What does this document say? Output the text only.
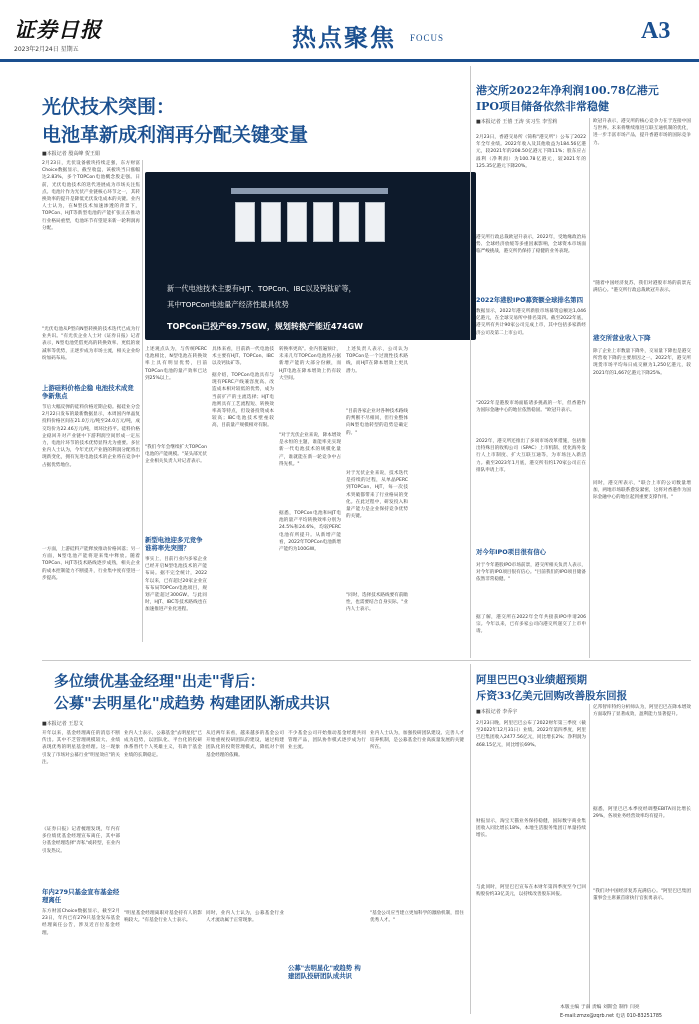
证券日报
2023年2月24日 星期五	热点聚焦 FOCUS	A3
光伏技术突围：
电池革新成利润再分配关键变量
■本报记者 殷高峰 贺王娟
2月23日，光伏设备板块持续走强，东方财富Choice数据显示，截至收盘，该板块当日涨幅达2.83%，多个TOPCon电池概念股走强。日前，光伏电池技术的迭代进展成为市场关注焦点。电池片作为光伏产业链核心环节之一，其转换效率的提升是降低光伏发电成本的关键。业内人士认为，在N型技术加速渗透的背景下，TOPCon、HJT等新型电池的产能扩张正在推动行业格局重塑，电池环节有望迎来新一轮利润再分配。
"光伏电池从P型向N型转换的技术迭代已成为行业共识。"有光伏企业人士对《证券日报》记者表示，N型电池凭借更高的转换效率、更低的衰减率等优势，正逐步成为市场主流，相关企业纷纷加码布局。
上游硅料价格企稳 电池技术成竞争新焦点
节后大幅反弹的硅料价格近期企稳。据硅业分会2月22日发布的最新数据显示，本周国内单晶复投料价格区间在21.0万元/吨至24.0万元/吨，成交均价为22.46万元/吨，周环比持平。硅料价格企稳回升对产业链中下游利润空间形成一定压力，电池片环节的技术优势显得尤为重要。多位业内人士认为，今年光伏产业链的利润分配将出现新变化，拥有先进电池技术的企业将在竞争中占据优势地位。
一方面，上游硅料产能释放推动价格回落；另一方面，N型电池产能将迎来集中释放。随着TOPCon、HJT等技术路线逐步成熟，相关企业的成本控制能力不断提升，行业集中度有望进一步提高。
新一代电池技术主要有HJT、TOPCon、IBC以及钙钛矿等，
其中TOPCon电池量产经济性最具优势
TOPCon已投产69.75GW，规划转换产能近474GW
上述观点认为，与传统PERC电池相比，N型电池在转换效率上具有明显优势，目前TOPCon电池的量产效率已达到25%以上。
"我们今年会继续扩大TOPCon电池的产能规模。"某头部光伏企业相关负责人对记者表示。
新型电池迎多元竞争 谁将率先突围？
事实上，目前行业内多家企业已经开启N型电池技术的产能布局。据不完全统计，2022年以来，已有超过20家企业宣布布局TOPCon电池项目，规划产能超过300GW。与此同时，HJT、IBC等技术路线也在加速推进产业化进程。
具体来看，目前新一代电池技术主要有HJT、TOPCon、IBC以及钙钛矿等。
据介绍，TOPCon电池具有与现有PERC产线兼容度高、改造成本相对较低的优势，成为当前扩产的主流选择；HJT电池则具有工艺流程短、转换效率高等特点，但设备投资成本较高；IBC电池技术壁垒较高，目前量产规模相对有限。
转换率更高"。业内普遍预计，未来几年TOPCon电池将占据新增产能的大部分份额，而HJT电池在降本增效上仍有较大空间。
"对于光伏企业来说，降本增效是永恒的主题，谁能率先实现新一代电池技术的规模化量产，谁就能在新一轮竞争中占得先机。"
据悉，TOPCon电池和HJT电池的量产平均转换效率分别为24.5%和24.6%，均较PERC电池有所提升。从新增产能看，2022年TOPCon电池新增产能约为100GW。
上述负责人表示，公司认为TOPCon是一个过渡性技术路线，而HJT在降本增效上更具潜力。
"目前各家企业对各种技术路线的判断不尽相同，但行业整体向N型电池转型的趋势是确定的。"
对于光伏企业来说，技术迭代是持续的过程，从单晶PERC到TOPCon、HJT，每一次技术突破都带来了行业格局的变化。在此过程中，研发投入和量产能力是企业保持竞争优势的关键。
"同时，选择技术路线要有前瞻性，也需要结合自身实际。"业内人士表示。
港交所2022年净利润100.78亿港元
IPO项目储备依然非常稳健
■本报记者 王僖 王涛 实习生 李雪莉
2月23日，香港交易所（简称"港交所"）公布了2022年全年业绩。2022年收入及其他收益为184.56亿港元，较2021年的208.50亿港元下降11%；股东应占溢利（净利润）为100.78亿港元，较2021年的125.35亿港元下降20%。
港交所行政总裁欧冠升表示，2022年，受地缘政治局势、全球经济放缓等多重因素影响，全球资本市场面临严峻挑战，港交所仍保持了稳健的业务表现。
2022年港股IPO募资额全球排名第四
数据显示，2022年港交所新股市场募资总额达1,046亿港元，在全球交易所中排名第四。截至2022年底，港交所有共计90家公司完成上市，其中包括多家新经济公司及第二上市公司。
"2022年是港股市场面临诸多挑战的一年，但香港作为国际金融中心的地位依然稳固。"欧冠升表示。
2022年，港交所还推出了多项市场改革措施，包括推出特殊目的收购公司（SPAC）上市机制、优化海外发行人上市制度、扩大互联互通等，为市场注入新活力。截至2023年1月底，港交所有约170家公司正在排队申请上市。
对今年IPO项目很有信心
对于今年港股IPO市场前景，港交所相关负责人表示，对今年的IPO项目很有信心。"目前我们的IPO项目储备依然非常稳健。"
据了解，港交所在2022年全年共接获IPO申请206宗。今年以来，已有多家公司向港交所递交了上市申请。
欧冠升表示，港交所的核心竞争力在于连接中国与世界。未来将继续推进互联互通机制的优化，进一步丰富市场产品，提升香港市场的国际竞争力。
"随着中国经济复苏，我们对港股市场的前景充满信心。"港交所行政总裁欧冠升表示。
港交所营业收入下降
除了企业上市数量下降外，交易量下降也是港交所营收下降的主要原因之一。2022年，港交所现货市场平均每日成交额为1,250亿港元，较2021年的1,667亿港元下降25%。
同时，港交所表示，"联合上市的公司数量增加，两地市场联系愈发紧密，这将对香港作为国际金融中心的地位起到重要支撑作用。"
多位绩优基金经理"出走"背后：
公募"去明星化"成趋势 构建团队渐成共识
■本报记者 王思文
开年以来，基金经理离任的消息不断传出。其中不乏管理规模较大、业绩表现优秀的明星基金经理。这一现象引发了市场对公募行业"明星效应"的关注。
《证券日报》记者梳理发现，年内有多位绩优基金经理宣布离任，其中部分基金经理选择"奔私"或转型，在业内引发热议。
年内279只基金宣布基金经理离任
东方财富Choice数据显示，截至2月23日，年内已有279只基金发布基金经理离任公告，涉及近百位基金经理。
业内人士表示，公募基金"去明星化"已成为趋势，以团队化、平台化的投研体系替代个人英雄主义，有助于基金业绩的长期稳定。
"明星基金经理离职对基金持有人的影响较大。"有基金行业人士表示。
从近两年来看，越来越多的基金公司开始重视投研团队的建设，通过构建团队化的投资管理模式，降低对个别基金经理的依赖。
同时，业内人士认为，公募基金行业人才流动属于正常现象。
不少基金公司开始推动基金经理共同管理产品，团队协作模式逐步成为行业主流。
公募"去明星化"或趋势 构建团队投研团队成共识
业内人士认为，加强投研团队建设、完善人才培养机制，是公募基金行业高质量发展的关键所在。
"基金公司应当建立更加科学的激励机制，留住优秀人才。"
阿里巴巴Q3业绩超预期
斥资33亿美元回购改善股东回报
■本报记者 李乔宇
2月23日晚，阿里巴巴公布了2022财年第三季度（截至2022年12月31日）业绩。2022年第四季度，阿里巴巴集团收入2477.56亿元，同比增长2%；净利润为468.15亿元，同比增长69%。
财报显示，淘宝天猫业务保持稳健，国际数字商业集团收入同比增长18%，本地生活服务集团订单量持续增长。
与此同时，阿里巴巴宣布在本财年第四季度至今已回购股份约33亿美元，以持续改善股东回报。
亿邦智库特约分析师认为，阿里巴巴在降本增效方面取得了显著成效，盈利能力显著提升。
据悉，阿里巴巴本季度经调整EBITA同比增长29%，各项业务经营效率均有提升。
"我们对中国经济复苏充满信心。"阿里巴巴集团董事会主席兼首席执行官张勇表示。
本版主编 于南 责编 刘斯会 制作 闫亮
E-mail:zmzx@zqrb.net 电话 010-83251785
